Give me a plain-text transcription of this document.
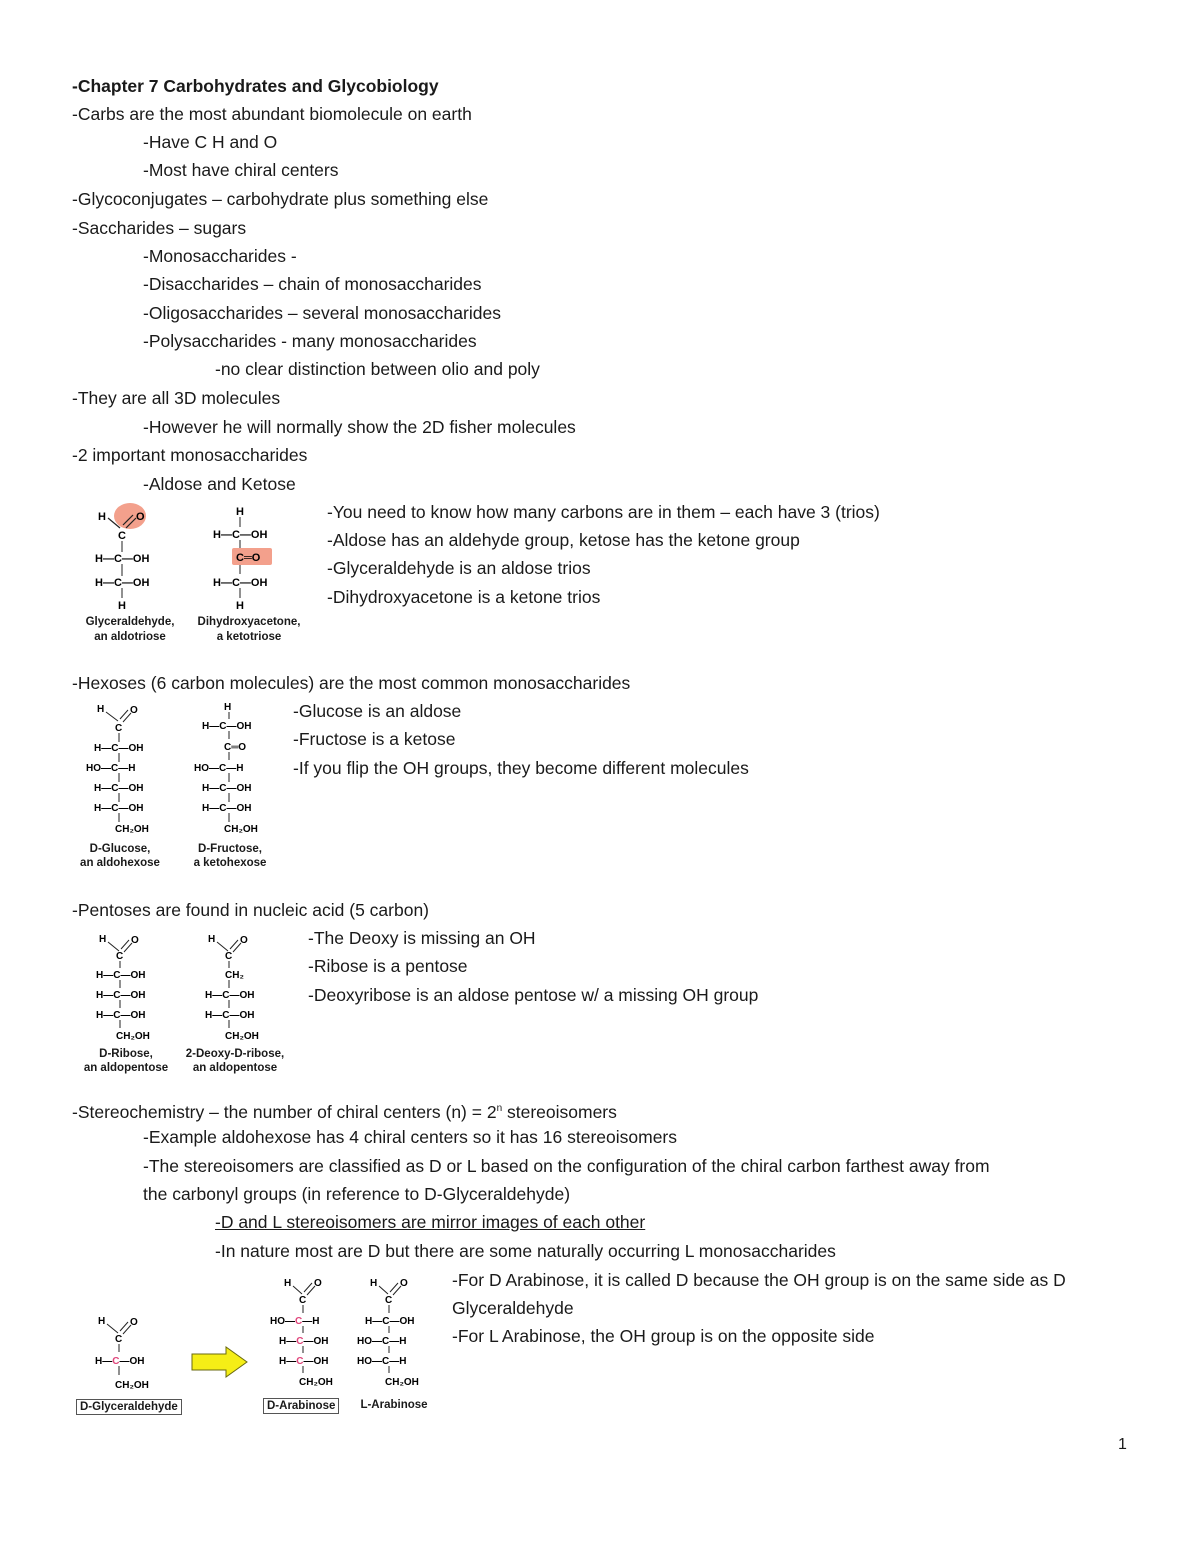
-Chapter 7 Carbohydrates and Glycobiology
-Carbs are the most abundant biomolecule on earth
-Have C H and O
-Most have chiral centers
-Glycoconjugates – carbohydrate plus something else
-Saccharides – sugars
-Monosaccharides -
-Disaccharides – chain of monosaccharides
-Oligosaccharides – several monosaccharides
-Polysaccharides - many monosaccharides
-no clear distinction between olio and poly
-They are all 3D molecules
-However he will normally show the 2D fisher molecules
-2 important monosaccharides
-Aldose and Ketose
-You need to know how many carbons are in them – each have 3 (trios)
-Aldose has an aldehyde group, ketose has the ketone group
-Glyceraldehyde is an aldose trios
-Dihydroxyacetone is a ketone trios
-Hexoses (6 carbon molecules) are the most common monosaccharides
-Glucose is an aldose
-Fructose is a ketose
-If you flip the OH groups, they become different molecules
-Pentoses are found in nucleic acid (5 carbon)
-The Deoxy is missing an OH
-Ribose is a pentose
-Deoxyribose is an aldose pentose w/ a missing OH group
-Stereochemistry – the number of chiral centers $(n) = 2^n$ stereoisomers
-Example aldohexose has 4 chiral centers so it has 16 stereoisomers
-The stereoisomers are classified as D or L based on the configuration of the chiral carbon farthest away from
the carbonyl groups (in reference to D-Glyceraldehyde)
-D and L stereoisomers are mirror images of each other
-In nature most are D but there are some naturally occurring L monosaccharides
-For D Arabinose, it is called D because the OH group is on the same side as D
Glyceraldehyde
-For L Arabinose, the OH group is on the opposite side
H	O
C
H—C—OH
H—C—OH
H
Glyceraldehyde,
an aldotriose
H
H—C—OH
C═O
H—C—OH
H
Dihydroxyacetone,
a ketotriose
H	O
C
H—C—OH
HO—C—H
H—C—OH
H—C—OH
CH₂OH
D-Glucose,
an aldohexose
H
H—C—OH
C═O
HO—C—H
H—C—OH
H—C—OH
CH₂OH
D-Fructose,
a ketohexose
H O
C
H—C—OH
H—C—OH
H—C—OH
CH₂OH
D-Ribose,
an aldopentose
H O
C
CH₂
H—C—OH
H—C—OH
CH₂OH
2-Deoxy-D-ribose,
an aldopentose
H O
C
H—C—OH
CH₂OH
D-Glyceraldehyde
H O
C
HO—C—H
H—C—OH
H—C—OH
CH₂OH
D-Arabinose
H O
C
H—C—OH
HO—C—H
HO—C—H
CH₂OH
L-Arabinose
1
